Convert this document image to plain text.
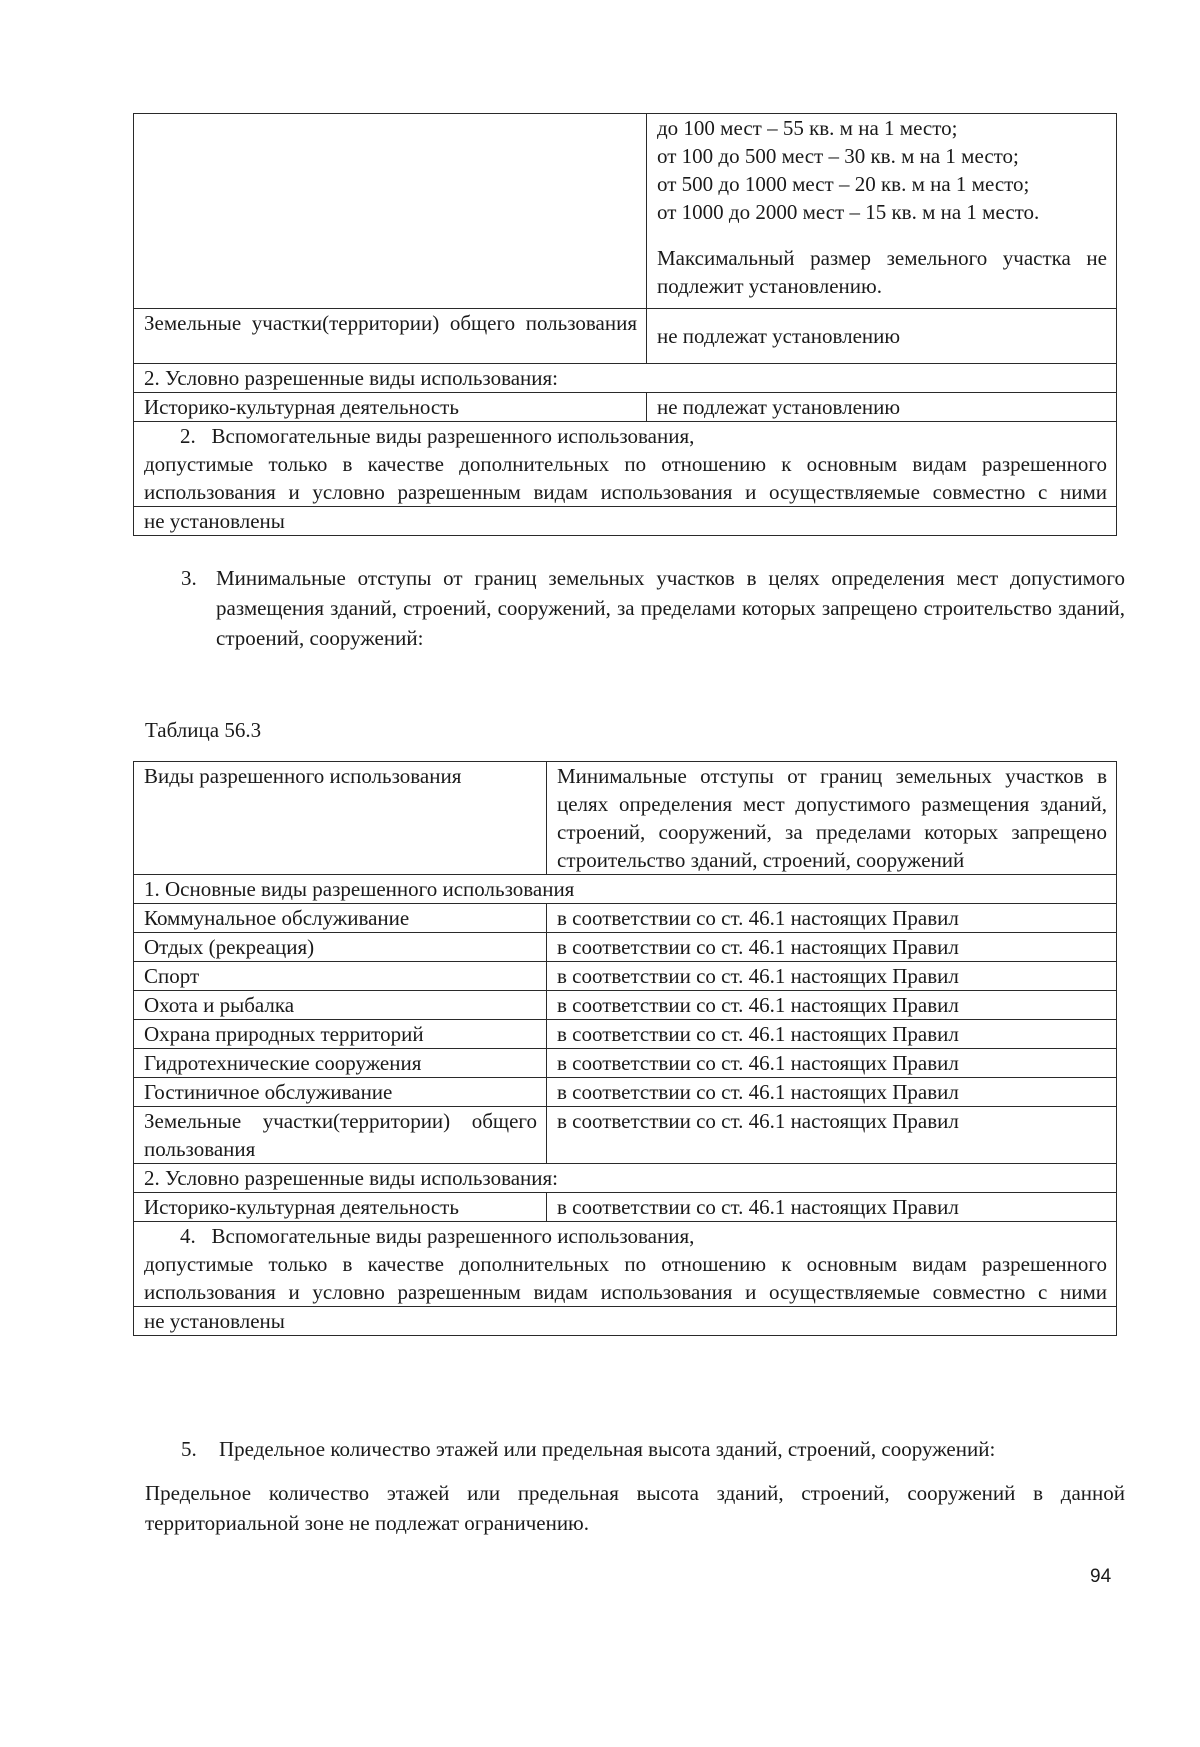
	до 100 мест – 55 кв. м на 1 место;
от 100 до 500 мест – 30 кв. м на 1 место;
от 500 до 1000 мест – 20 кв. м на 1 место;
от 1000 до 2000 мест – 15 кв. м на 1 место.
Максимальный размер земельного участка не подлежит установлению.

Земельные участки(территории) общего пользования	не подлежат установлению
2. Условно разрешенные виды использования:	
Историко-культурная деятельность	не подлежат установлению

2. Вспомогательные виды разрешенного использования,
допустимые только в качестве дополнительных по отношению к основным видам разрешенного использования и условно разрешенным видам использования и осуществляемые совместно с ними	

не установлены	
3. Минимальные отступы от границ земельных участков в целях определения мест допустимого размещения зданий, строений, сооружений, за пределами которых запрещено строительство зданий, строений, сооружений:
Таблица 56.3
Виды разрешенного использования	Минимальные отступы от границ земельных участков в целях определения мест допустимого размещения зданий, строений, сооружений, за пределами которых запрещено строительство зданий, строений, сооружений
1. Основные виды разрешенного использования	
Коммунальное обслуживание	в соответствии со ст. 46.1 настоящих Правил
Отдых (рекреация)	в соответствии со ст. 46.1 настоящих Правил
Спорт	в соответствии со ст. 46.1 настоящих Правил
Охота и рыбалка	в соответствии со ст. 46.1 настоящих Правил
Охрана природных территорий	в соответствии со ст. 46.1 настоящих Правил
Гидротехнические сооружения	в соответствии со ст. 46.1 настоящих Правил
Гостиничное обслуживание	в соответствии со ст. 46.1 настоящих Правил
Земельные участки(территории) общего пользования	в соответствии со ст. 46.1 настоящих Правил
2. Условно разрешенные виды использования:	
Историко-культурная деятельность	в соответствии со ст. 46.1 настоящих Правил

4. Вспомогательные виды разрешенного использования,
допустимые только в качестве дополнительных по отношению к основным видам разрешенного использования и условно разрешенным видам использования и осуществляемые совместно с ними	

не установлены	
5. Предельное количество этажей или предельная высота зданий, строений, сооружений:
Предельное количество этажей или предельная высота зданий, строений, сооружений в данной территориальной зоне не подлежат ограничению.
94
